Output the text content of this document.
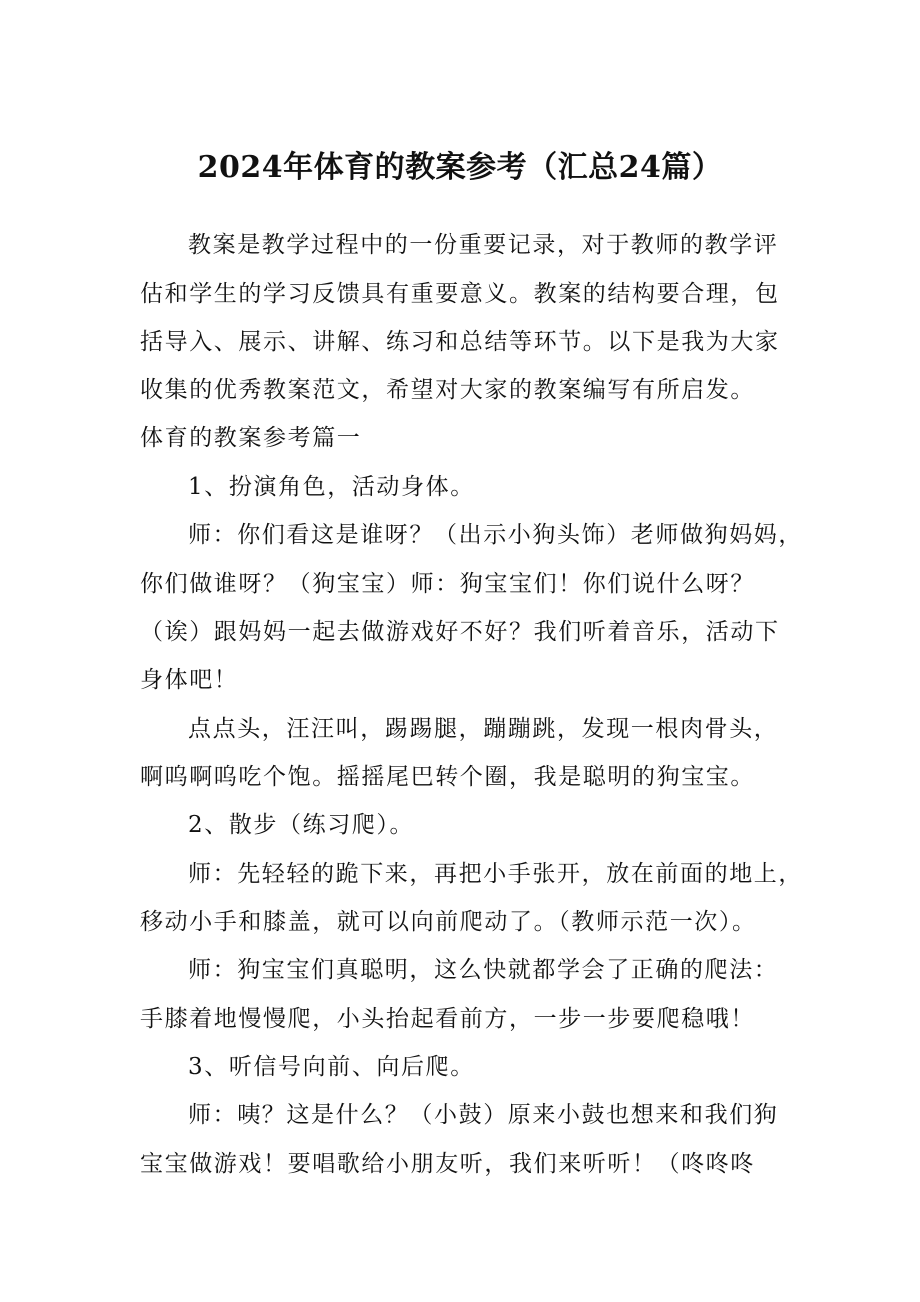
2024年体育的教案参考（汇总24篇）
教案是教学过程中的一份重要记录，对于教师的教学评
估和学生的学习反馈具有重要意义。教案的结构要合理，包
括导入、展示、讲解、练习和总结等环节。以下是我为大家
收集的优秀教案范文，希望对大家的教案编写有所启发。
体育的教案参考篇一
1、扮演角色，活动身体。
师：你们看这是谁呀？（出示小狗头饰）老师做狗妈妈，
你们做谁呀？（狗宝宝）师：狗宝宝们！你们说什么呀？
（诶）跟妈妈一起去做游戏好不好？我们听着音乐，活动下
身体吧！
点点头，汪汪叫，踢踢腿，蹦蹦跳，发现一根肉骨头，
啊呜啊呜吃个饱。摇摇尾巴转个圈，我是聪明的狗宝宝。
2、散步（练习爬）。
师：先轻轻的跪下来，再把小手张开，放在前面的地上，
移动小手和膝盖，就可以向前爬动了。（教师示范一次）。
师：狗宝宝们真聪明，这么快就都学会了正确的爬法：
手膝着地慢慢爬，小头抬起看前方，一步一步要爬稳哦！
3、听信号向前、向后爬。
师：咦？这是什么？（小鼓）原来小鼓也想来和我们狗
宝宝做游戏！要唱歌给小朋友听，我们来听听！（咚咚咚
